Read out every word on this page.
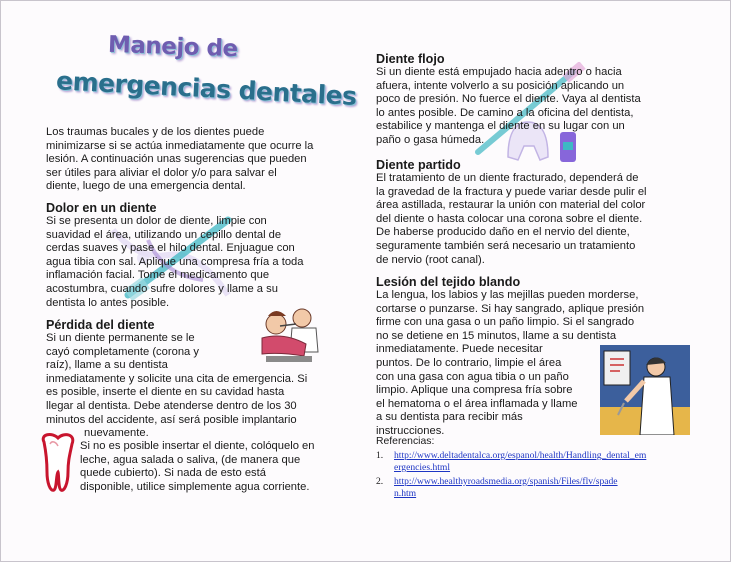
Manejo de
emergencias dentales
Los traumas bucales y de los dientes puede
minimizarse si se actúa inmediatamente que ocurre la
lesión. A continuación unas sugerencias que pueden
ser útiles para aliviar el dolor y/o para salvar el
diente, luego de una emergencia dental.
Dolor en un diente
Si se presenta un dolor de diente, limpie con
suavidad el área, utilizando un cepillo dental de
cerdas suaves y pase el hilo dental. Enjuague con
agua tibia con sal. Aplique una compresa fría a toda
inflamación facial. Tome el medicamento que
acostumbra, cuando sufre dolores y llame a su
dentista lo antes posible.
Pérdida del diente
Si un diente permanente se le
cayó completamente (corona y
raíz), llame a su dentista
inmediatamente y solicite una cita de emergencia. Si
es posible, inserte el diente en su cavidad hasta
llegar al dentista. Debe atenderse dentro de los 30
minutos del accidente, así será posible implantario
nuevamente.
Si no es posible insertar el diente, colóquelo en
leche, agua salada o saliva, (de manera que
quede cubierto). Si nada de esto está
disponible, utilice simplemente agua corriente.
Diente flojo
Si un diente está empujado hacia adentro o hacia
afuera, intente volverlo a su posición aplicando un
poco de presión. No fuerce el diente. Vaya al dentista
lo antes posible. De camino a la oficina del dentista,
estabilice y mantenga el diente en su lugar con un
paño o gasa húmeda.
Diente partido
El tratamiento de un diente fracturado, dependerá de
la gravedad de la fractura y puede variar desde pulir el
área astillada, restaurar la unión con material del color
del diente o hasta colocar una corona sobre el diente.
De haberse producido daño en el nervio del diente,
seguramente también será necesario un tratamiento
de nervio (root canal).
Lesión del tejido blando
La lengua, los labios y las mejillas pueden morderse,
cortarse o punzarse. Si hay sangrado, aplique presión
firme con una gasa o un paño limpio. Si el sangrado
no se detiene en 15 minutos, llame a su dentista
inmediatamente. Puede necesitar
puntos. De lo contrario, limpie el área
con una gasa con agua tibia o un paño
limpio. Aplique una compresa fría sobre
el hematoma o el área inflamada y llame
a su dentista para recibir más
instrucciones.
Referencias:
1. http://www.deltadentalca.org/espanol/health/Handling_dental_em
ergencies.html
2. http://www.healthyroadsmedia.org/spanish/Files/flv/spade
n.htm
